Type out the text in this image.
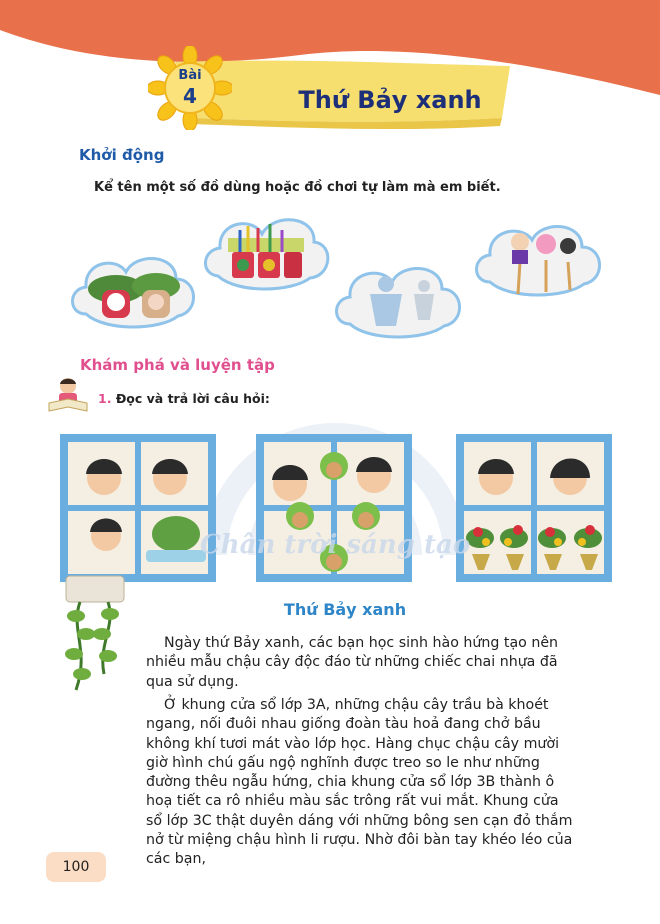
Bài
4	Thứ Bảy xanh
Khởi động
Kể tên một số đồ dùng hoặc đồ chơi tự làm mà em biết.
Khám phá và luyện tập
1. Đọc và trả lời câu hỏi:
Chân trời sáng tạo
Thứ Bảy xanh

Ngày thứ Bảy xanh, các bạn học sinh hào hứng tạo nên nhiều mẫu chậu cây độc đáo từ những chiếc chai nhựa đã qua sử dụng.

Ở khung cửa sổ lớp 3A, những chậu cây trầu bà khoét ngang, nối đuôi nhau giống đoàn tàu hoả đang chở bầu không khí tươi mát vào lớp học. Hàng chục chậu cây mười giờ hình chú gấu ngộ nghĩnh được treo so le như những đường thêu ngẫu hứng, chia khung cửa sổ lớp 3B thành ô hoạ tiết ca rô nhiều màu sắc trông rất vui mắt. Khung cửa sổ lớp 3C thật duyên dáng với những bông sen cạn đỏ thắm nở từ miệng chậu hình li rượu. Nhờ đôi bàn tay khéo léo của các bạn,

100
